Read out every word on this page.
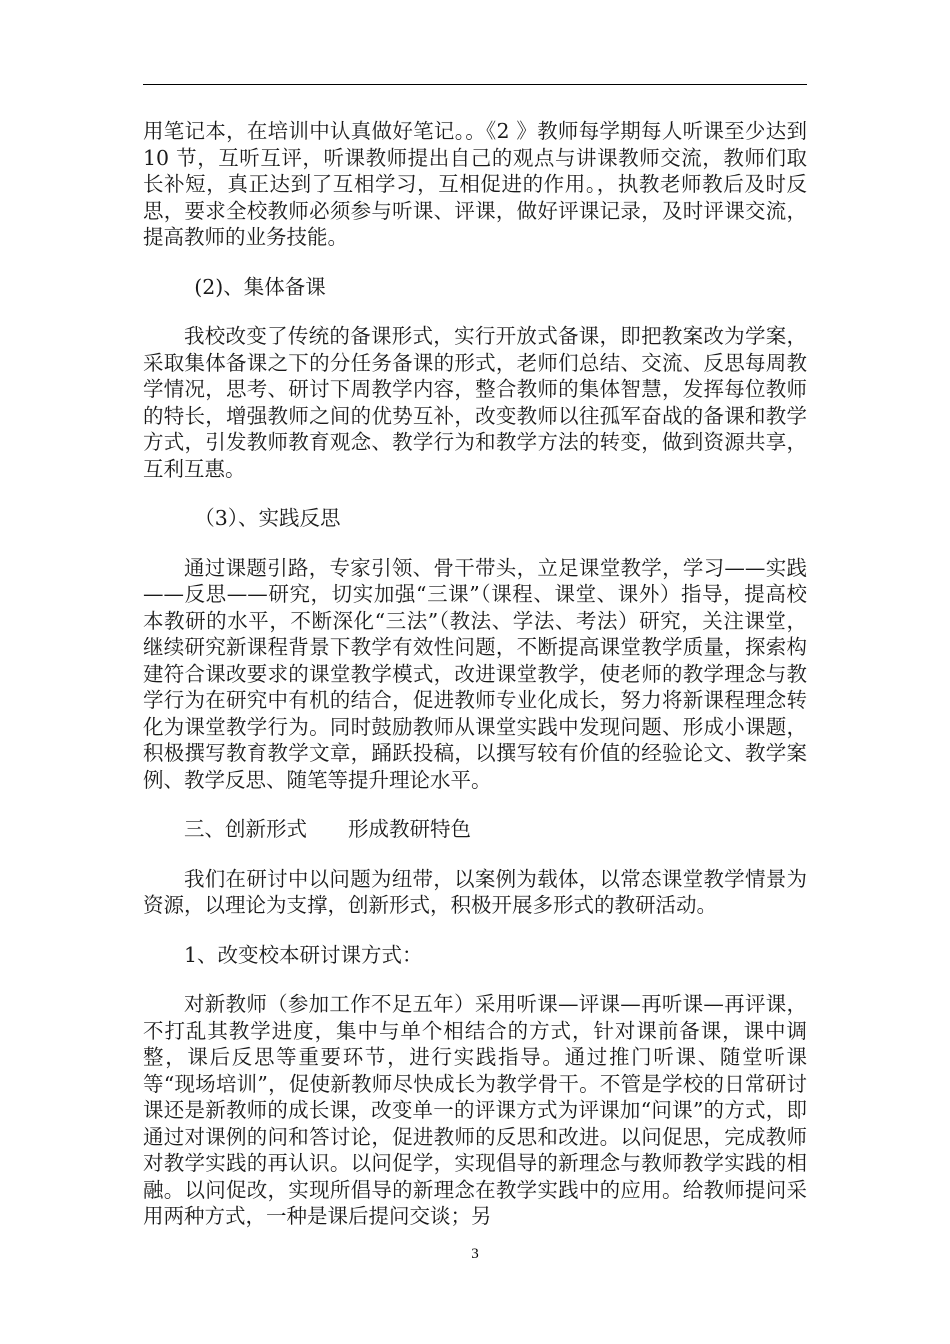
用笔记本，在培训中认真做好笔记。。《2 》教师每学期每人听课至少达到 10 节，互听互评，听课教师提出自己的观点与讲课教师交流，教师们取长补短，真正达到了互相学习，互相促进的作用。，执教老师教后及时反思，要求全校教师必须参与听课、评课，做好评课记录，及时评课交流，提高教师的业务技能。

(2)、集体备课

我校改变了传统的备课形式，实行开放式备课，即把教案改为学案，采取集体备课之下的分任务备课的形式，老师们总结、交流、反思每周教学情况，思考、研讨下周教学内容，整合教师的集体智慧，发挥每位教师的特长，增强教师之间的优势互补，改变教师以往孤军奋战的备课和教学方式，引发教师教育观念、教学行为和教学方法的转变，做到资源共享，互利互惠。

（3）、实践反思

通过课题引路，专家引领、骨干带头，立足课堂教学，学习——实践——反思——研究，切实加强“三课”（课程、课堂、课外）指导，提高校本教研的水平，不断深化“三法”（教法、学法、考法）研究，关注课堂，继续研究新课程背景下教学有效性问题，不断提高课堂教学质量，探索构建符合课改要求的课堂教学模式，改进课堂教学，使老师的教学理念与教学行为在研究中有机的结合，促进教师专业化成长，努力将新课程理念转化为课堂教学行为。同时鼓励教师从课堂实践中发现问题、形成小课题，积极撰写教育教学文章，踊跃投稿，以撰写较有价值的经验论文、教学案例、教学反思、随笔等提升理论水平。

三、创新形式　　形成教研特色

我们在研讨中以问题为纽带，以案例为载体，以常态课堂教学情景为资源，以理论为支撑，创新形式，积极开展多形式的教研活动。

1、改变校本研讨课方式：

对新教师（参加工作不足五年）采用听课—评课—再听课—再评课，不打乱其教学进度，集中与单个相结合的方式，针对课前备课，课中调整，课后反思等重要环节，进行实践指导。通过推门听课、随堂听课等“现场培训”，促使新教师尽快成长为教学骨干。不管是学校的日常研讨课还是新教师的成长课，改变单一的评课方式为评课加“问课”的方式，即通过对课例的问和答讨论，促进教师的反思和改进。以问促思，完成教师对教学实践的再认识。以问促学，实现倡导的新理念与教师教学实践的相融。以问促改，实现所倡导的新理念在教学实践中的应用。给教师提问采用两种方式，一种是课后提问交谈；另

3
